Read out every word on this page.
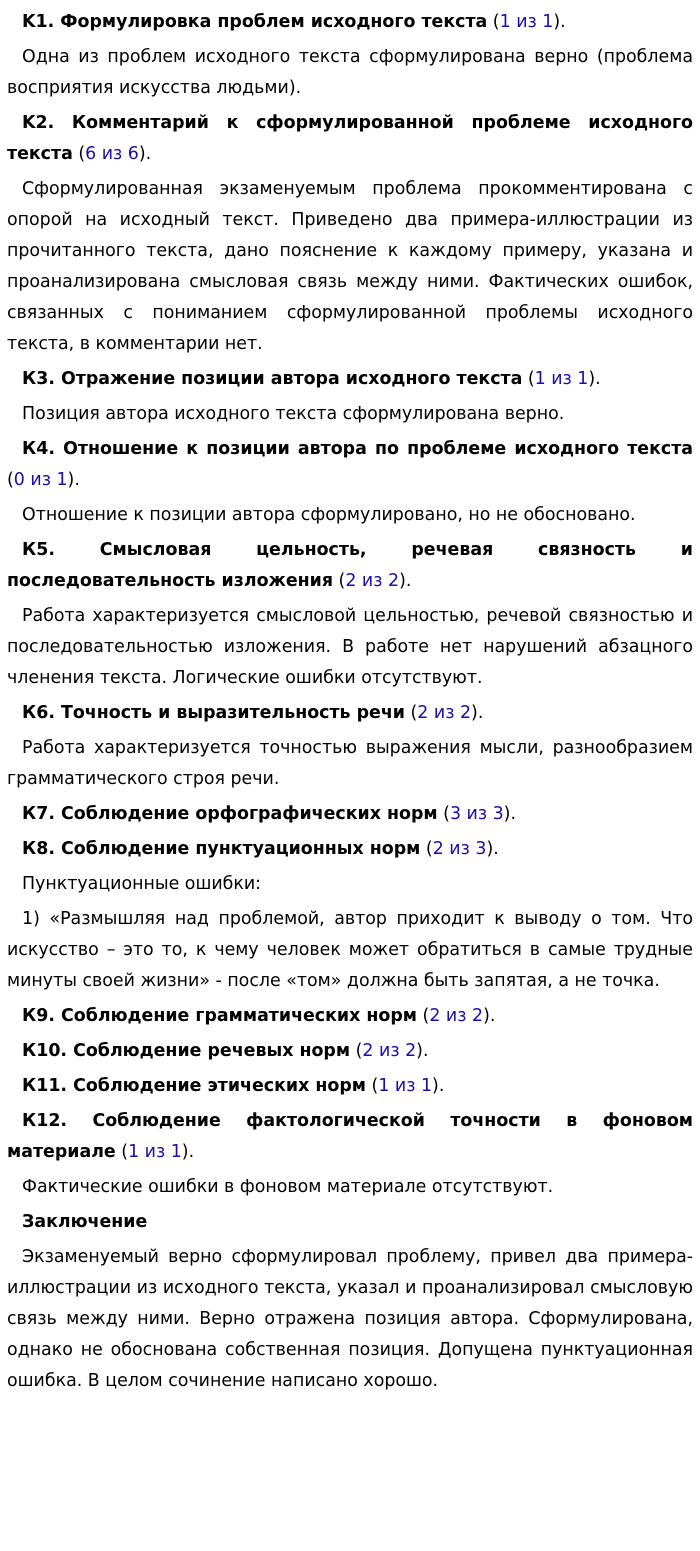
K1. Формулировка проблем исходного текста (1 из 1).

Одна из проблем исходного текста сформулирована верно (проблема восприятия искусства людьми).

K2. Комментарий к сформулированной проблеме исходного текста (6 из 6).

Сформулированная экзаменуемым проблема прокомментирована с опорой на исходный текст. Приведено два примера-иллюстрации из прочитанного текста, дано пояснение к каждому примеру, указана и проанализирована смысловая связь между ними. Фактических ошибок, связанных с пониманием сформулированной проблемы исходного текста, в комментарии нет.

К3. Отражение позиции автора исходного текста (1 из 1).

Позиция автора исходного текста сформулирована верно.

К4. Отношение к позиции автора по проблеме исходного текста (0 из 1).

Отношение к позиции автора сформулировано, но не обосновано.

К5.	Смысловая цельность, речевая связность и последовательность изложения (2 из 2).

Работа характеризуется смысловой цельностью, речевой связностью и последовательностью изложения. В работе нет нарушений абзацного членения текста. Логические ошибки отсутствуют.

К6. Точность и выразительность речи (2 из 2).

Работа характеризуется точностью выражения мысли, разнообразием грамматического строя речи.

К7. Соблюдение орфографических норм (3 из 3).

К8. Соблюдение пунктуационных норм (2 из 3).

Пунктуационные ошибки:

1) «Размышляя над проблемой, автор приходит к выводу о том. Что искусство – это то, к чему человек может обратиться в самые трудные минуты своей жизни» - после «том» должна быть запятая, а не точка.

К9. Соблюдение грамматических норм (2 из 2).

К10. Соблюдение речевых норм (2 из 2).

К11. Соблюдение этических норм (1 из 1).

К12. Соблюдение фактологической точности в фоновом материале (1 из 1).

Фактические ошибки в фоновом материале отсутствуют.

Заключение

Экзаменуемый верно сформулировал проблему, привел два примера-иллюстрации из исходного текста, указал и проанализировал смысловую связь между ними. Верно отражена позиция автора. Сформулирована, однако не обоснована собственная позиция. Допущена пунктуационная ошибка. В целом сочинение написано хорошо.
